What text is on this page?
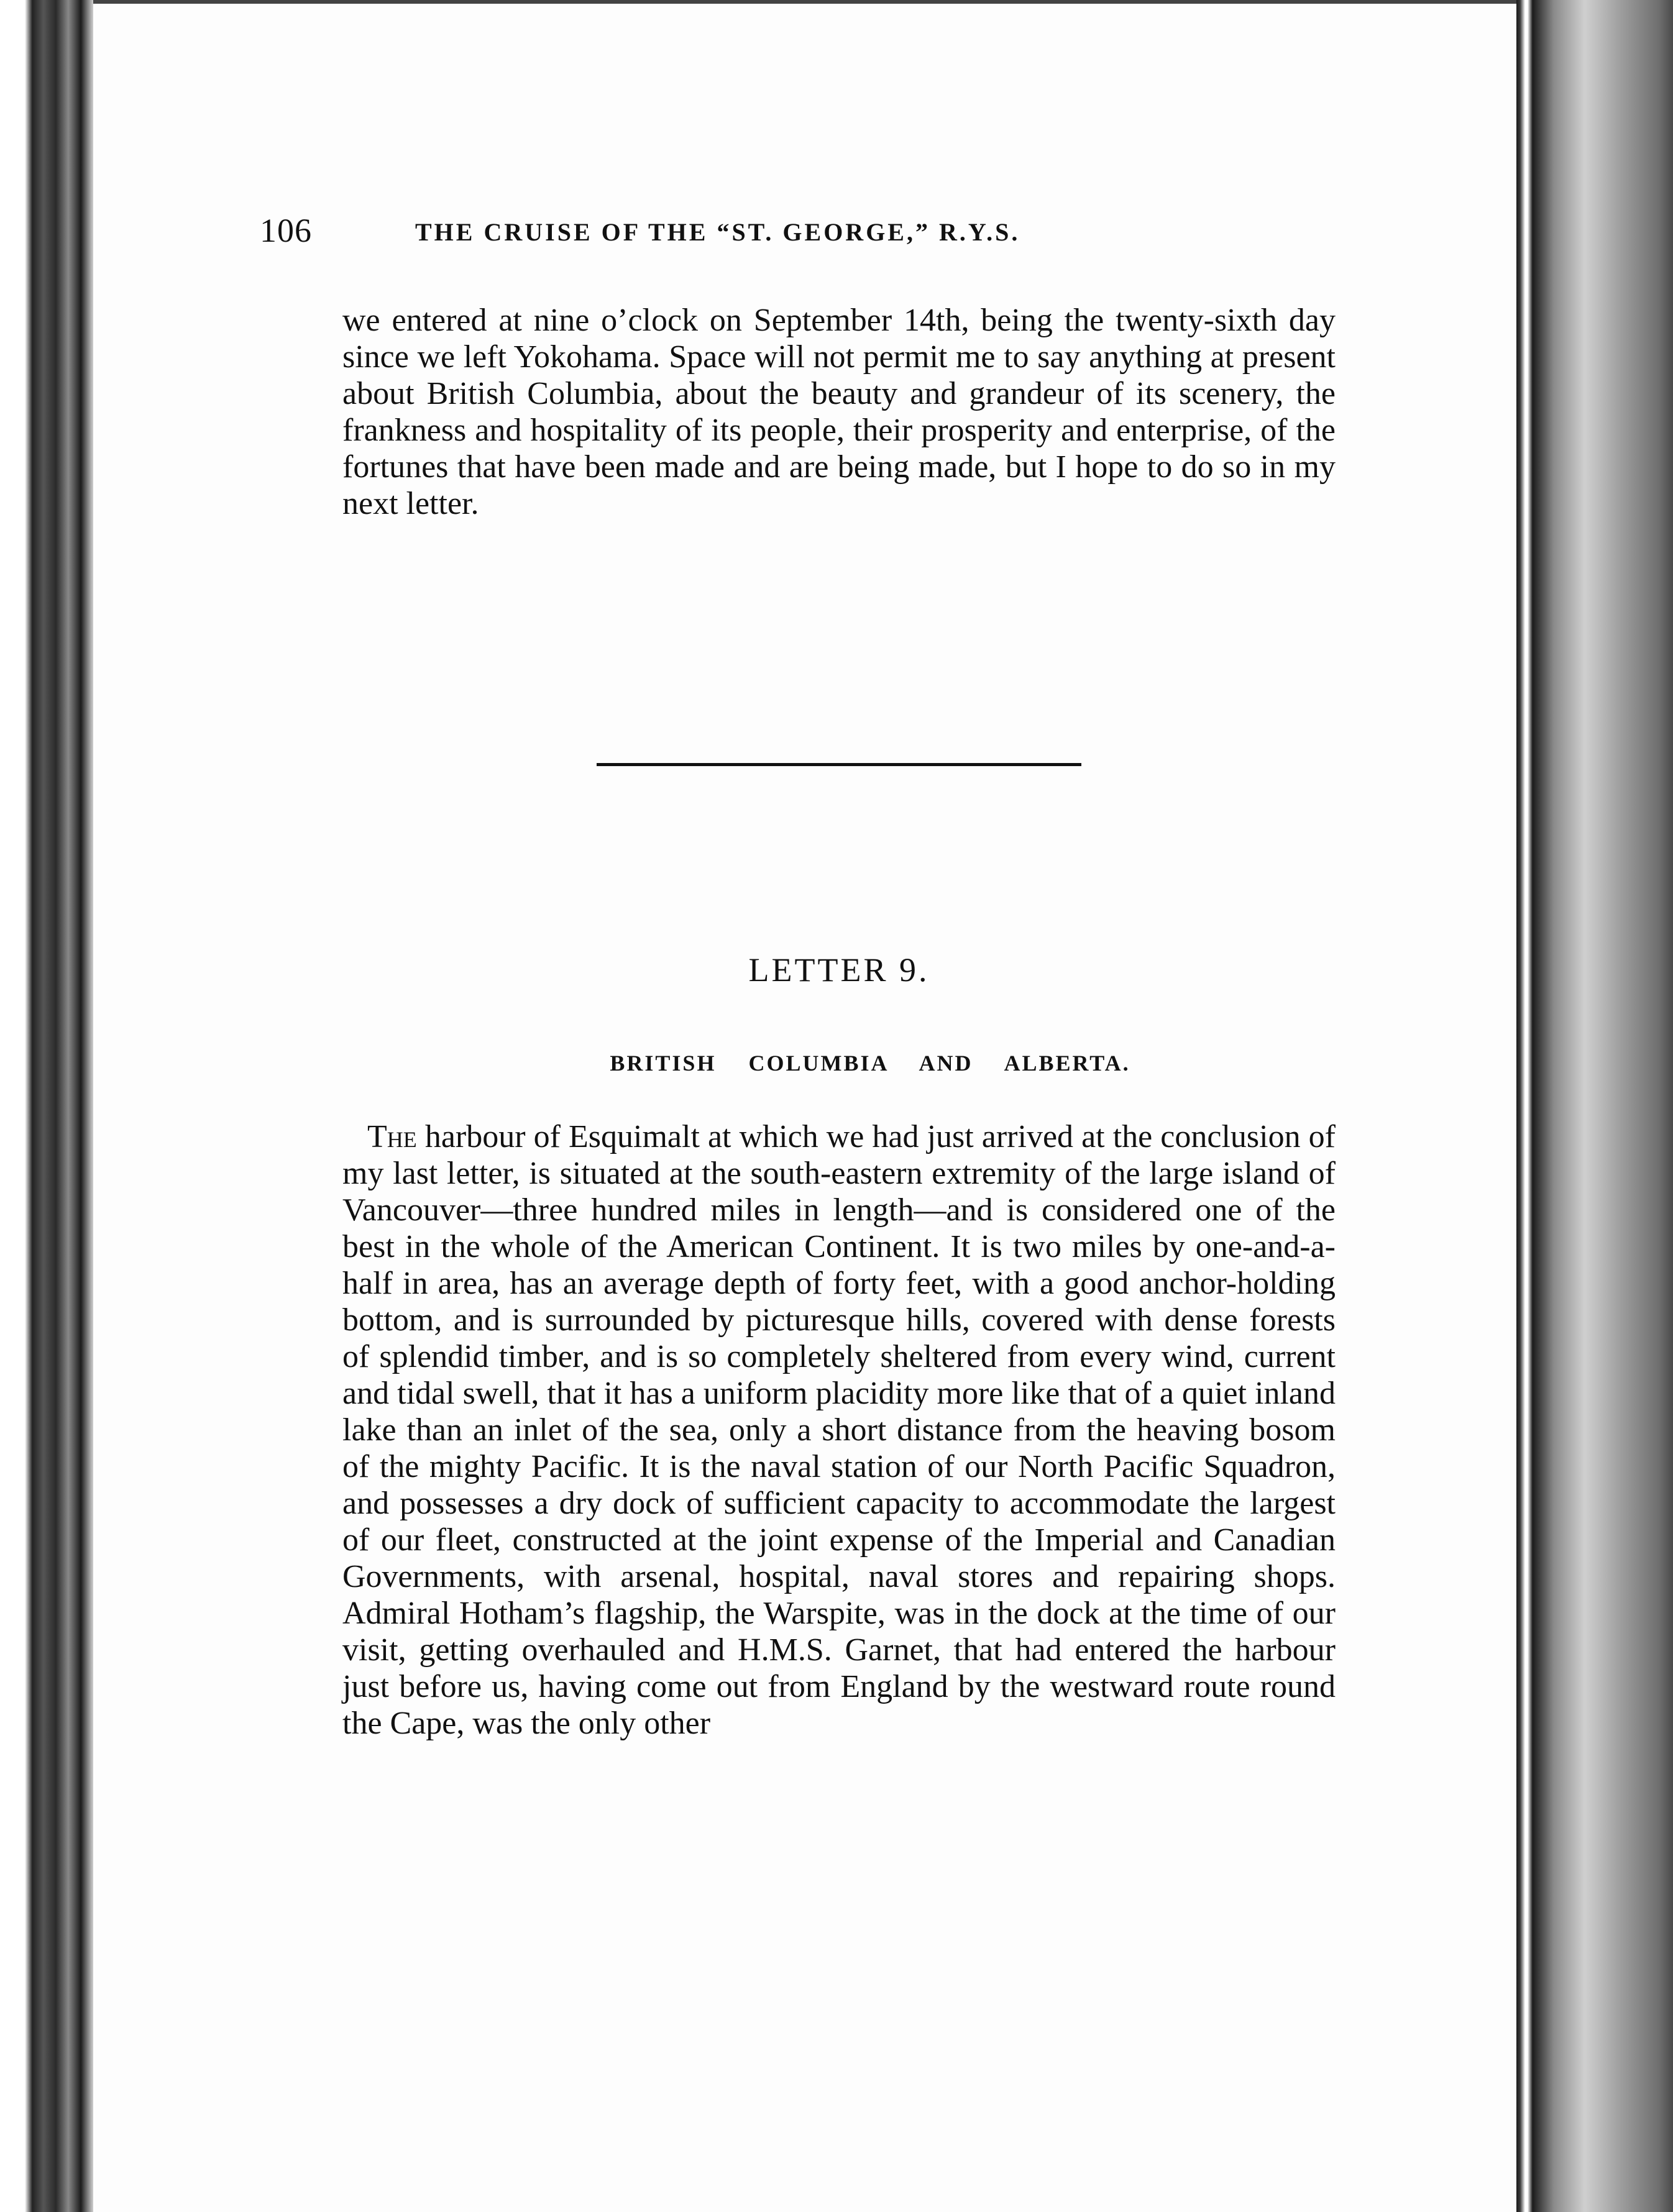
106	THE CRUISE OF THE “ST. GEORGE,” R.Y.S.

we entered at nine o’clock on September 14th, being the twenty-sixth day since we left Yokohama. Space will not permit me to say anything at present about British Columbia, about the beauty and grandeur of its scenery, the frankness and hospitality of its people, their prosperity and enterprise, of the fortunes that have been made and are being made, but I hope to do so in my next letter.

LETTER 9.
BRITISH COLUMBIA AND ALBERTA.

The harbour of Esquimalt at which we had just arrived at the conclusion of my last letter, is situated at the south-eastern extremity of the large island of Vancouver—three hundred miles in length—and is considered one of the best in the whole of the American Continent. It is two miles by one-and-a-half in area, has an average depth of forty feet, with a good anchor-holding bottom, and is surrounded by picturesque hills, covered with dense forests of splendid timber, and is so completely sheltered from every wind, current and tidal swell, that it has a uniform placidity more like that of a quiet inland lake than an inlet of the sea, only a short distance from the heaving bosom of the mighty Pacific. It is the naval station of our North Pacific Squadron, and possesses a dry dock of sufficient capacity to accommodate the largest of our fleet, constructed at the joint expense of the Imperial and Canadian Governments, with arsenal, hospital, naval stores and repairing shops. Admiral Hotham’s flagship, the Warspite, was in the dock at the time of our visit, getting overhauled and H.M.S. Garnet, that had entered the harbour just before us, having come out from England by the westward route round the Cape, was the only other
